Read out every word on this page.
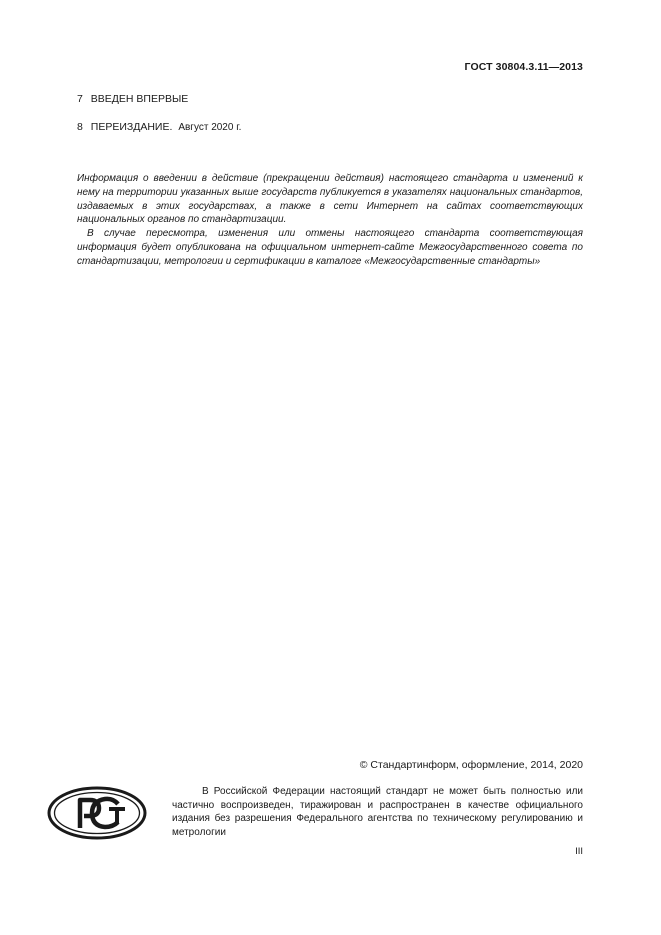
ГОСТ 30804.3.11—2013
7 ВВЕДЕН ВПЕРВЫЕ
8 ПЕРЕИЗДАНИЕ. Август 2020 г.

Информация о введении в действие (прекращении действия) настоящего стандарта и изменений к нему на территории указанных выше государств публикуется в указателях национальных стандартов, издаваемых в этих государствах, а также в сети Интернет на сайтах соответствующих национальных органов по стандартизации.

В случае пересмотра, изменения или отмены настоящего стандарта соответствующая информация будет опубликована на официальном интернет-сайте Межгосударственного совета по стандартизации, метрологии и сертификации в каталоге «Межгосударственные стандарты»

© Стандартинформ, оформление, 2014, 2020

В Российской Федерации настоящий стандарт не может быть полностью или частично воспроизведен, тиражирован и распространен в качестве официального издания без разрешения Федерального агентства по техническому регулированию и метрологии

III
